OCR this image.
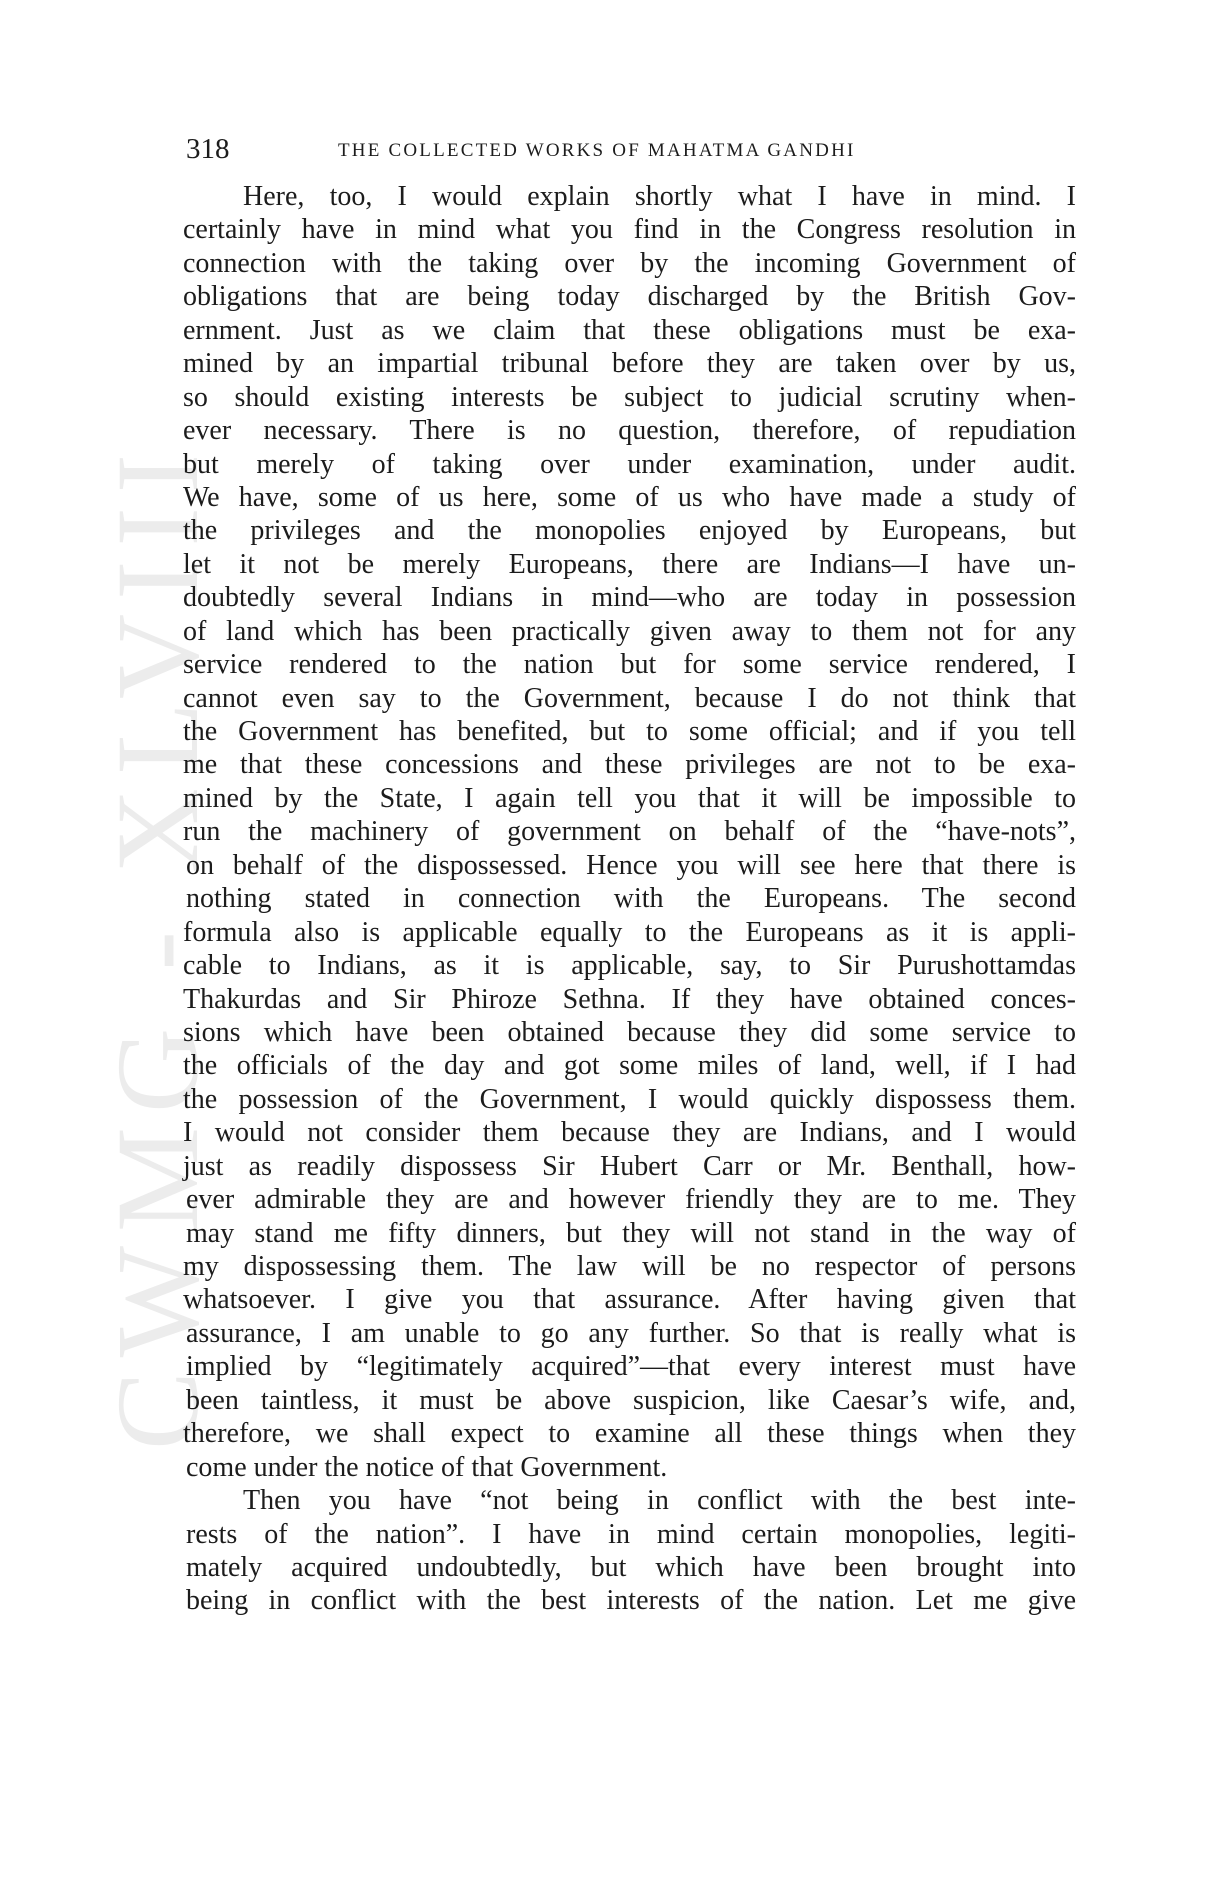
CWMG - XLVIII
318	THE COLLECTED WORKS OF MAHATMA GANDHI
Here, too, I would explain shortly what I have in mind. I
certainly have in mind what you find in the Congress resolution in
connection with the taking over by the incoming Government of
obligations that are being today discharged by the British Gov-
ernment. Just as we claim that these obligations must be exa-
mined by an impartial tribunal before they are taken over by us,
so should existing interests be subject to judicial scrutiny when-
ever necessary. There is no question, therefore, of repudiation
but merely of taking over under examination, under audit.
We have, some of us here, some of us who have made a study of
the privileges and the monopolies enjoyed by Europeans, but
let it not be merely Europeans, there are Indians—I have un-
doubtedly several Indians in mind—who are today in possession
of land which has been practically given away to them not for any
service rendered to the nation but for some service rendered, I
cannot even say to the Government, because I do not think that
the Government has benefited, but to some official; and if you tell
me that these concessions and these privileges are not to be exa-
mined by the State, I again tell you that it will be impossible to
run the machinery of government on behalf of the “have-nots”,
on behalf of the dispossessed. Hence you will see here that there is
nothing stated in connection with the Europeans. The second
formula also is applicable equally to the Europeans as it is appli-
cable to Indians, as it is applicable, say, to Sir Purushottamdas
Thakurdas and Sir Phiroze Sethna. If they have obtained conces-
sions which have been obtained because they did some service to
the officials of the day and got some miles of land, well, if I had
the possession of the Government, I would quickly dispossess them.
I would not consider them because they are Indians, and I would
just as readily dispossess Sir Hubert Carr or Mr. Benthall, how-
ever admirable they are and however friendly they are to me. They
may stand me fifty dinners, but they will not stand in the way of
my dispossessing them. The law will be no respector of persons
whatsoever. I give you that assurance. After having given that
assurance, I am unable to go any further. So that is really what is
implied by “legitimately acquired”—that every interest must have
been taintless, it must be above suspicion, like Caesar’s wife, and,
therefore, we shall expect to examine all these things when they
come under the notice of that Government.
Then you have “not being in conflict with the best inte-
rests of the nation”. I have in mind certain monopolies, legiti-
mately acquired undoubtedly, but which have been brought into
being in conflict with the best interests of the nation. Let me give
